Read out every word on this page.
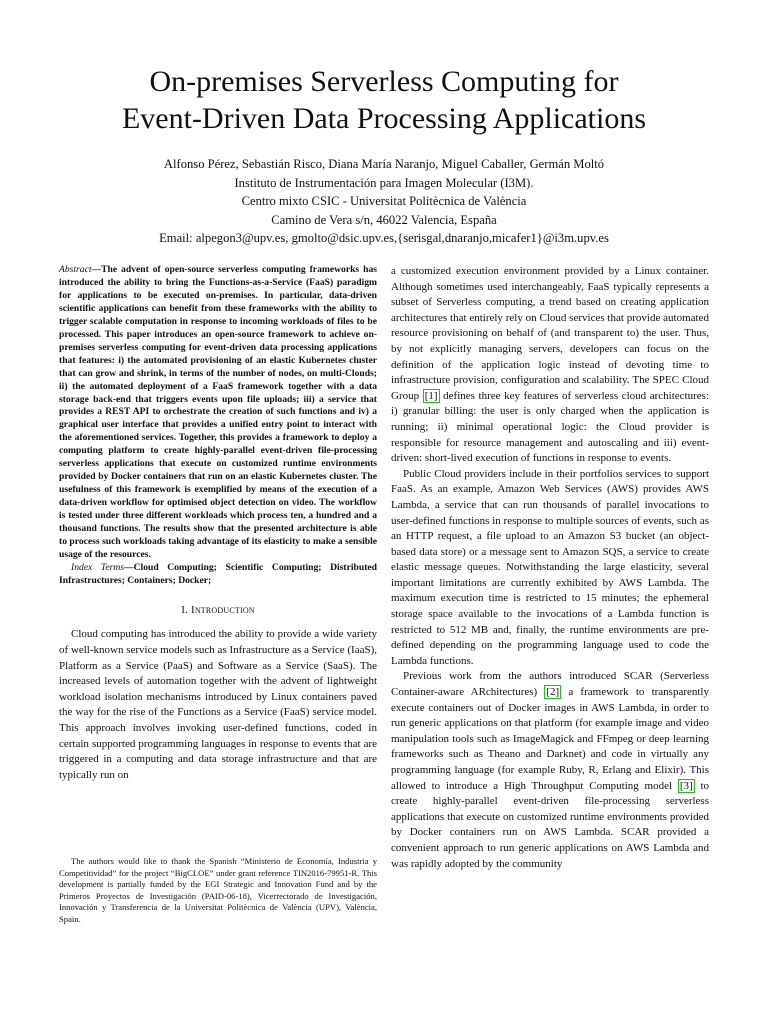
On-premises Serverless Computing for
Event-Driven Data Processing Applications
Alfonso Pérez, Sebastián Risco, Diana María Naranjo, Miguel Caballer, Germán Moltó
Instituto de Instrumentación para Imagen Molecular (I3M).
Centro mixto CSIC - Universitat Politècnica de València
Camino de Vera s/n, 46022 Valencia, España
Email: alpegon3@upv.es, gmolto@dsic.upv.es,{serisgal,dnaranjo,micafer1}@i3m.upv.es

Abstract—The advent of open-source serverless computing frameworks has introduced the ability to bring the Functions-as-a-Service (FaaS) paradigm for applications to be executed on-premises. In particular, data-driven scientific applications can benefit from these frameworks with the ability to trigger scalable computation in response to incoming workloads of files to be processed. This paper introduces an open-source framework to achieve on-premises serverless computing for event-driven data processing applications that features: i) the automated provisioning of an elastic Kubernetes cluster that can grow and shrink, in terms of the number of nodes, on multi-Clouds; ii) the automated deployment of a FaaS framework together with a data storage back-end that triggers events upon file uploads; iii) a service that provides a REST API to orchestrate the creation of such functions and iv) a graphical user interface that provides a unified entry point to interact with the aforementioned services. Together, this provides a framework to deploy a computing platform to create highly-parallel event-driven file-processing serverless applications that execute on customized runtime environments provided by Docker containers that run on an elastic Kubernetes cluster. The usefulness of this framework is exemplified by means of the execution of a data-driven workflow for optimised object detection on video. The workflow is tested under three different workloads which process ten, a hundred and a thousand functions. The results show that the presented architecture is able to process such workloads taking advantage of its elasticity to make a sensible usage of the resources.

Index Terms—Cloud Computing; Scientific Computing; Distributed Infrastructures; Containers; Docker;

I. Introduction

Cloud computing has introduced the ability to provide a wide variety of well-known service models such as Infrastructure as a Service (IaaS), Platform as a Service (PaaS) and Software as a Service (SaaS). The increased levels of automation together with the advent of lightweight workload isolation mechanisms introduced by Linux containers paved the way for the rise of the Functions as a Service (FaaS) service model. This approach involves invoking user-defined functions, coded in certain supported programming languages in response to events that are triggered in a computing and data storage infrastructure and that are typically run on

The authors would like to thank the Spanish “Ministerio de Economía, Industria y Competitividad” for the project “BigCLOE” under grant reference TIN2016-79951-R. This development is partially funded by the EGI Strategic and Innovation Fund and by the Primeros Proyectos de Investigación (PAID-06-18), Vicerrectorado de Investigación, Innovación y Transferencia de la Universitat Politècnica de València (UPV), València, Spain.

a customized execution environment provided by a Linux container. Although sometimes used interchangeably, FaaS typically represents a subset of Serverless computing, a trend based on creating application architectures that entirely rely on Cloud services that provide automated resource provisioning on behalf of (and transparent to) the user. Thus, by not explicitly managing servers, developers can focus on the definition of the application logic instead of devoting time to infrastructure provision, configuration and scalability. The SPEC Cloud Group [1] defines three key features of serverless cloud architectures: i) granular billing: the user is only charged when the application is running; ii) minimal operational logic: the Cloud provider is responsible for resource management and autoscaling and iii) event-driven: short-lived execution of functions in response to events.

Public Cloud providers include in their portfolios services to support FaaS. As an example, Amazon Web Services (AWS) provides AWS Lambda, a service that can run thousands of parallel invocations to user-defined functions in response to multiple sources of events, such as an HTTP request, a file upload to an Amazon S3 bucket (an object-based data store) or a message sent to Amazon SQS, a service to create elastic message queues. Notwithstanding the large elasticity, several important limitations are currently exhibited by AWS Lambda. The maximum execution time is restricted to 15 minutes; the ephemeral storage space available to the invocations of a Lambda function is restricted to 512 MB and, finally, the runtime environments are pre-defined depending on the programming language used to code the Lambda functions.

Previous work from the authors introduced SCAR (Serverless Container-aware ARchitectures) [2] a framework to transparently execute containers out of Docker images in AWS Lambda, in order to run generic applications on that platform (for example image and video manipulation tools such as ImageMagick and FFmpeg or deep learning frameworks such as Theano and Darknet) and code in virtually any programming language (for example Ruby, R, Erlang and Elixir). This allowed to introduce a High Throughput Computing model [3] to create highly-parallel event-driven file-processing serverless applications that execute on customized runtime environments provided by Docker containers run on AWS Lambda. SCAR provided a convenient approach to run generic applications on AWS Lambda and was rapidly adopted by the community
